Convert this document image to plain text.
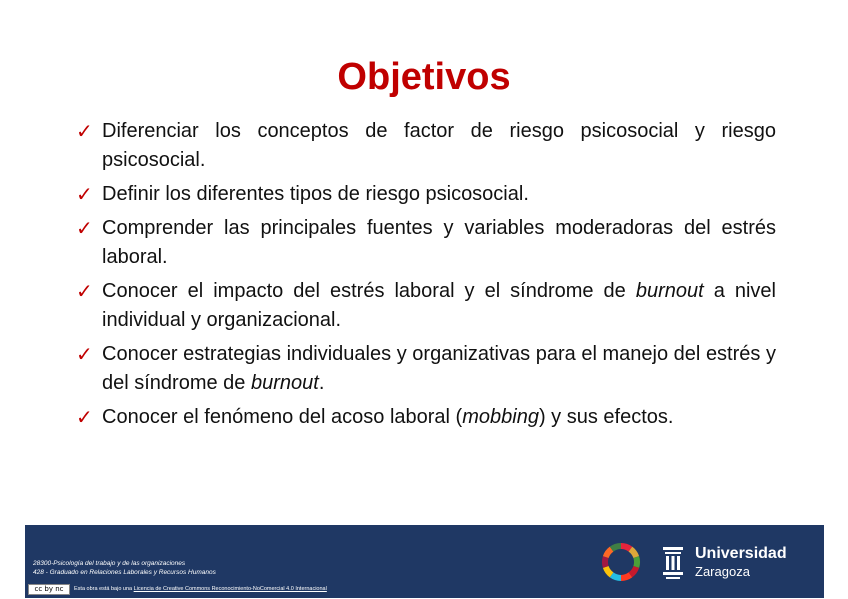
Objetivos
✓ Diferenciar los conceptos de factor de riesgo psicosocial y riesgo psicosocial.
✓ Definir los diferentes tipos de riesgo psicosocial.
✓ Comprender las principales fuentes y variables moderadoras del estrés laboral.
✓ Conocer el impacto del estrés laboral y el síndrome de burnout a nivel individual y organizacional.
✓ Conocer estrategias individuales y organizativas para el manejo del estrés y del síndrome de burnout.
✓ Conocer el fenómeno del acoso laboral (mobbing) y sus efectos.
28300-Psicología del trabajo y de las organizaciones
428 - Graduado en Relaciones Laborales y Recursos Humanos
cc by nc	Esta obra está bajo una Licencia de Creative Commons Reconocimiento-NoComercial 4.0 Internacional
Universidad
Zaragoza
